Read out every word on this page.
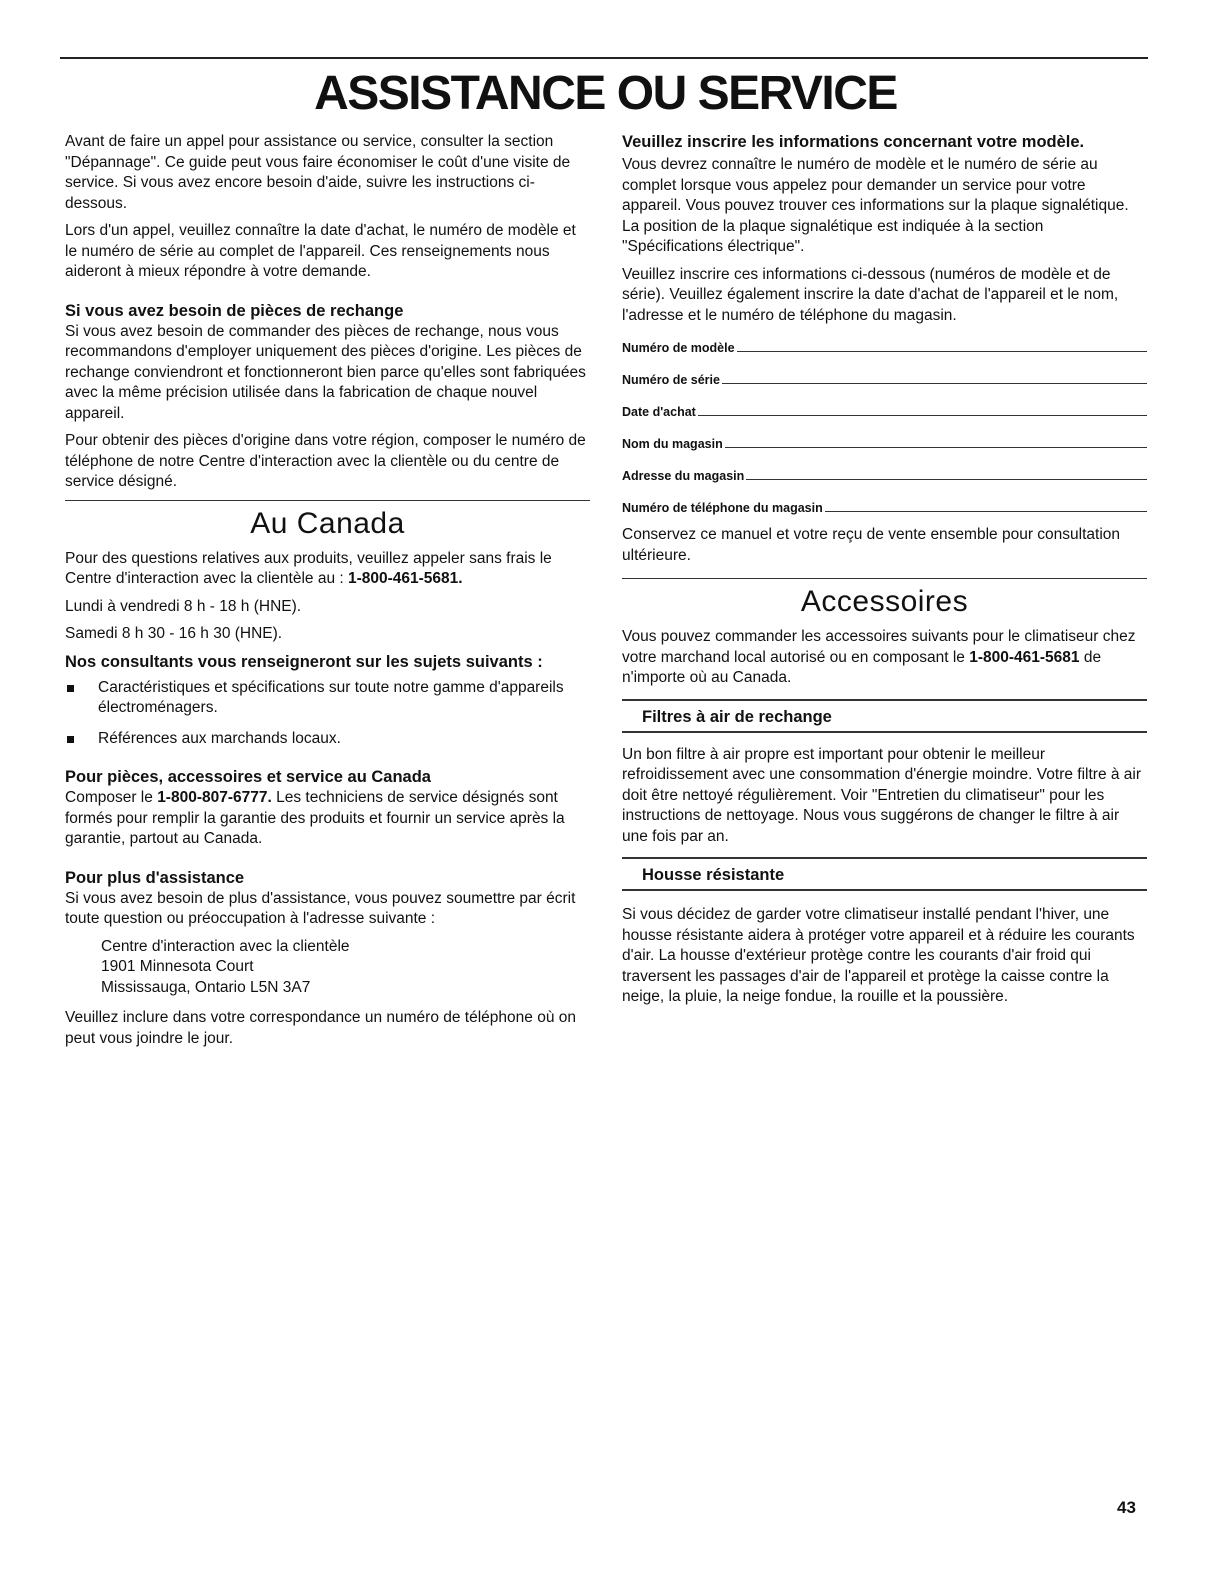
ASSISTANCE OU SERVICE

Avant de faire un appel pour assistance ou service, consulter la section "Dépannage". Ce guide peut vous faire économiser le coût d'une visite de service. Si vous avez encore besoin d'aide, suivre les instructions ci-dessous.

Lors d'un appel, veuillez connaître la date d'achat, le numéro de modèle et le numéro de série au complet de l'appareil. Ces renseignements nous aideront à mieux répondre à votre demande.

Si vous avez besoin de pièces de rechange

Si vous avez besoin de commander des pièces de rechange, nous vous recommandons d'employer uniquement des pièces d'origine. Les pièces de rechange conviendront et fonctionneront bien parce qu'elles sont fabriquées avec la même précision utilisée dans la fabrication de chaque nouvel appareil.

Pour obtenir des pièces d'origine dans votre région, composer le numéro de téléphone de notre Centre d'interaction avec la clientèle ou du centre de service désigné.

Au Canada

Pour des questions relatives aux produits, veuillez appeler sans frais le Centre d'interaction avec la clientèle au : 1-800-461-5681.

Lundi à vendredi 8 h - 18 h (HNE).

Samedi 8 h 30 - 16 h 30 (HNE).

Nos consultants vous renseigneront sur les sujets suivants :
Caractéristiques et spécifications sur toute notre gamme d'appareils électroménagers.
Références aux marchands locaux.
Pour pièces, accessoires et service au Canada

Composer le 1-800-807-6777. Les techniciens de service désignés sont formés pour remplir la garantie des produits et fournir un service après la garantie, partout au Canada.

Pour plus d'assistance

Si vous avez besoin de plus d'assistance, vous pouvez soumettre par écrit toute question ou préoccupation à l'adresse suivante :

Centre d'interaction avec la clientèle
1901 Minnesota Court
Mississauga, Ontario L5N 3A7

Veuillez inclure dans votre correspondance un numéro de téléphone où on peut vous joindre le jour.

Veuillez inscrire les informations concernant votre modèle.

Vous devrez connaître le numéro de modèle et le numéro de série au complet lorsque vous appelez pour demander un service pour votre appareil. Vous pouvez trouver ces informations sur la plaque signalétique. La position de la plaque signalétique est indiquée à la section "Spécifications électrique".

Veuillez inscrire ces informations ci-dessous (numéros de modèle et de série). Veuillez également inscrire la date d'achat de l'appareil et le nom, l'adresse et le numéro de téléphone du magasin.

Numéro de modèle
Numéro de série
Date d'achat
Nom du magasin
Adresse du magasin
Numéro de téléphone du magasin

Conservez ce manuel et votre reçu de vente ensemble pour consultation ultérieure.

Accessoires

Vous pouvez commander les accessoires suivants pour le climatiseur chez votre marchand local autorisé ou en composant le 1-800-461-5681 de n'importe où au Canada.

Filtres à air de rechange

Un bon filtre à air propre est important pour obtenir le meilleur refroidissement avec une consommation d'énergie moindre. Votre filtre à air doit être nettoyé régulièrement. Voir "Entretien du climatiseur" pour les instructions de nettoyage. Nous vous suggérons de changer le filtre à air une fois par an.

Housse résistante

Si vous décidez de garder votre climatiseur installé pendant l'hiver, une housse résistante aidera à protéger votre appareil et à réduire les courants d'air. La housse d'extérieur protège contre les courants d'air froid qui traversent les passages d'air de l'appareil et protège la caisse contre la neige, la pluie, la neige fondue, la rouille et la poussière.

43
